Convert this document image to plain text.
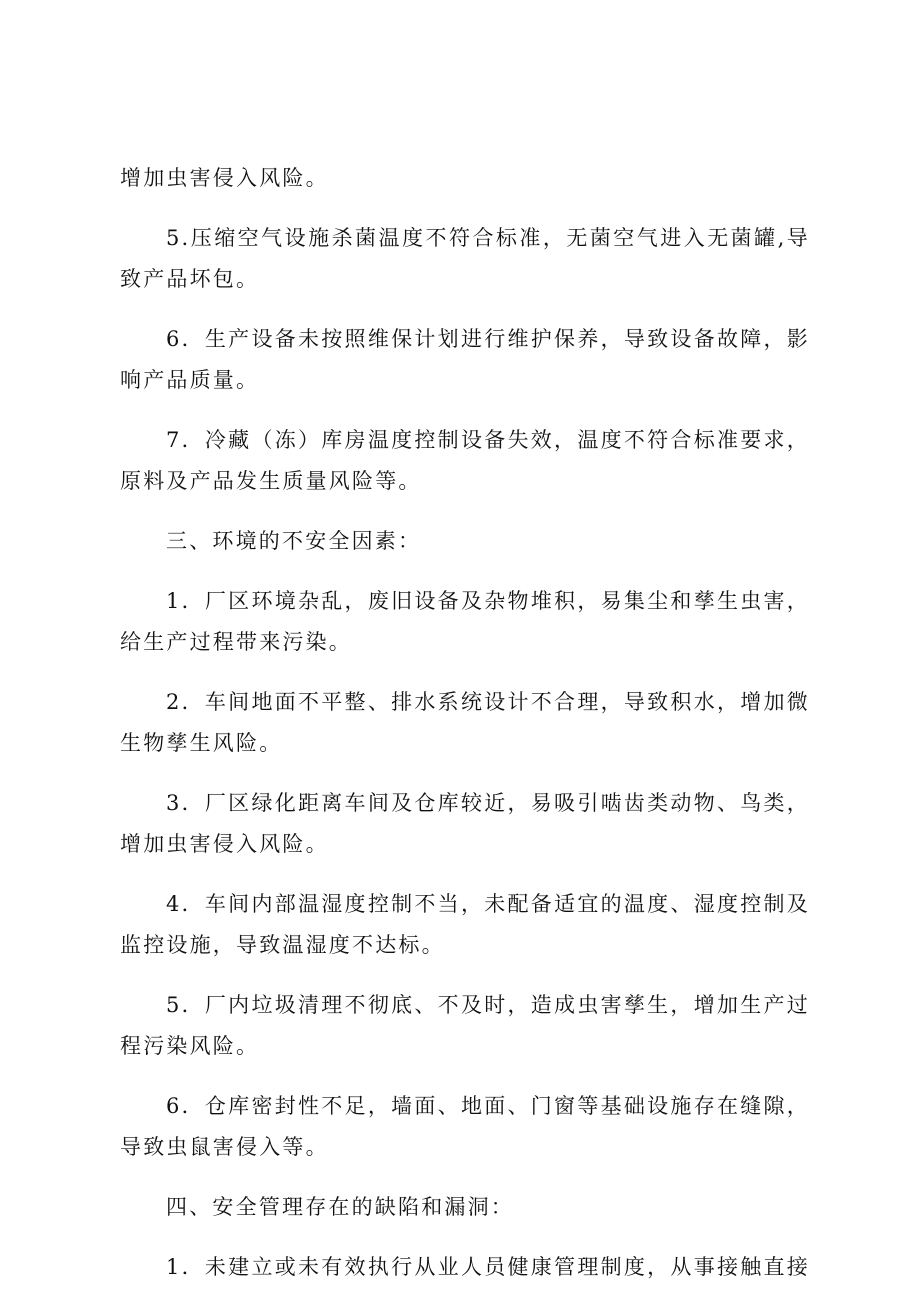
增加虫害侵入风险。
5.压缩空气设施杀菌温度不符合标准，无菌空气进入无菌罐,导
致产品坏包。
6．生产设备未按照维保计划进行维护保养，导致设备故障，影
响产品质量。
7．冷藏（冻）库房温度控制设备失效，温度不符合标准要求，
原料及产品发生质量风险等。
三、环境的不安全因素：
1．厂区环境杂乱，废旧设备及杂物堆积，易集尘和孳生虫害，
给生产过程带来污染。
2．车间地面不平整、排水系统设计不合理，导致积水，增加微
生物孳生风险。
3．厂区绿化距离车间及仓库较近，易吸引啮齿类动物、鸟类，
增加虫害侵入风险。
4．车间内部温湿度控制不当，未配备适宜的温度、湿度控制及
监控设施，导致温湿度不达标。
5．厂内垃圾清理不彻底、不及时，造成虫害孳生，增加生产过
程污染风险。
6．仓库密封性不足，墙面、地面、门窗等基础设施存在缝隙，
导致虫鼠害侵入等。
四、安全管理存在的缺陷和漏洞：
1．未建立或未有效执行从业人员健康管理制度，从事接触直接
